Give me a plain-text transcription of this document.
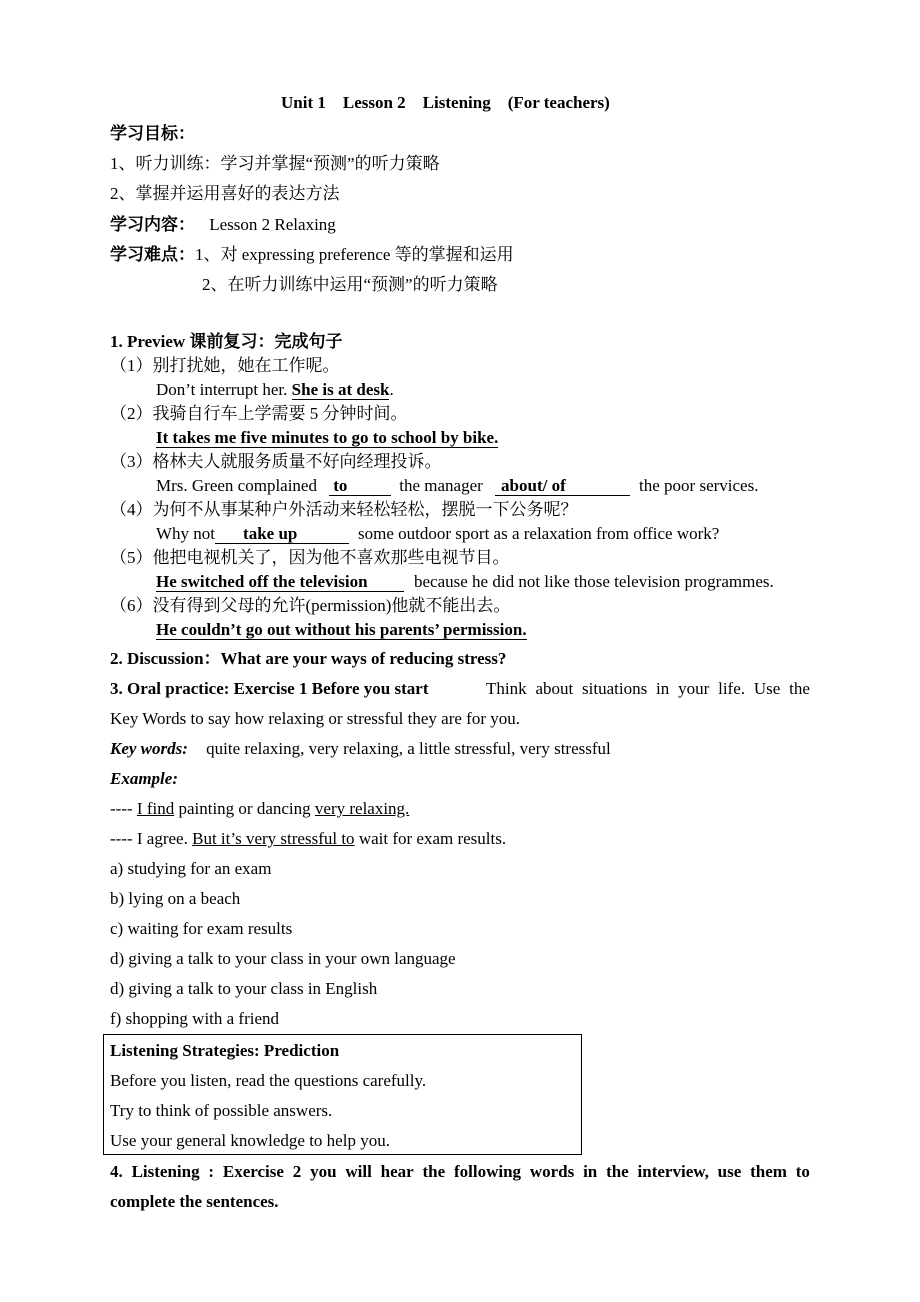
Unit 1    Lesson 2    Listening    (For teachers)
学习目标：
1、听力训练：学习并掌握“预测”的听力策略
2、掌握并运用喜好的表达方法
学习内容： Lesson 2 Relaxing
学习难点：1、对 expressing preference 等的掌握和运用
2、在听力训练中运用“预测”的听力策略
1. Preview 课前复习：完成句子
（1）别打扰她，她在工作呢。
Don’t interrupt her. She is at desk.
（2）我骑自行车上学需要 5 分钟时间。
It takes me five minutes to go to school by bike.
（3）格林夫人就服务质量不好向经理投诉。
Mrs. Green complained to	the manager about/ of	the poor services.
（4）为何不从事某种户外活动来轻松轻松，摆脱一下公务呢？
Why not take up	some outdoor sport as a relaxation from office work?
（5）他把电视机关了，因为他不喜欢那些电视节目。
He switched off the television	because he did not like those television programmes.
（6）没有得到父母的允许(permission)他就不能出去。
He couldn’t go out without his parents’ permission.
2. Discussion：What are your ways of reducing stress?
3. Oral practice: Exercise 1 Before you start	Think about situations in your life. Use the
Key Words to say how relaxing or stressful they are for you.
Key words: quite relaxing, very relaxing, a little stressful, very stressful
Example:
---- I find painting or dancing very relaxing.
---- I agree. But it’s very stressful to wait for exam results.
a) studying for an exam
b) lying on a beach
c) waiting for exam results
d) giving a talk to your class in your own language
d) giving a talk to your class in English
f) shopping with a friend
Listening Strategies: Prediction
Before you listen, read the questions carefully.
Try to think of possible answers.
Use your general knowledge to help you.
4. Listening : Exercise 2 you will hear the following words in the interview, use them to
complete the sentences.
